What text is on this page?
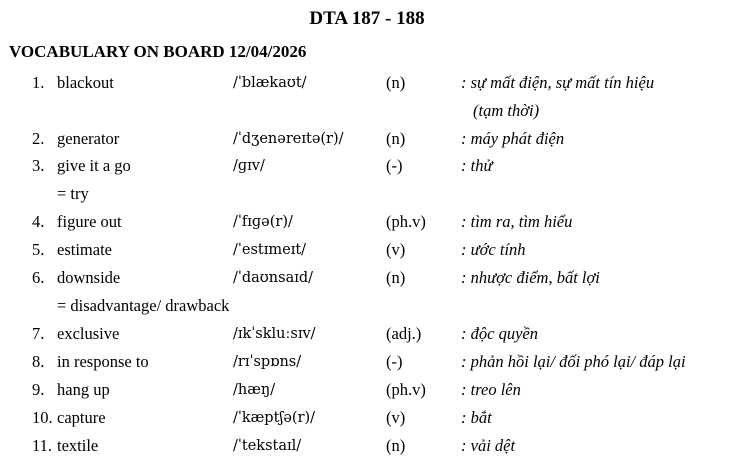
DTA 187 - 188
VOCABULARY ON BOARD 12/04/2026
1. blackout	/ˈblækaʊt/	(n)	: sự mất điện, sự mất tín hiệu
(tạm thời)
2. generator	/ˈdʒenəreɪtə(r)/	(n)	: máy phát điện
3. give it a go	/ɡɪv/	(-)	: thử
= try
4. figure out	/ˈfɪɡə(r)/	(ph.v) : tìm ra, tìm hiểu
5. estimate	/ˈestɪmeɪt/	(v)	: ước tính
6. downside	/ˈdaʊnsaɪd/	(n)	: nhược điểm, bất lợi
= disadvantage/ drawback
7. exclusive	/ɪkˈskluːsɪv/	(adj.) : độc quyền
8. in response to	/rɪˈspɒns/	(-)	: phản hồi lại/ đối phó lại/ đáp lại
9. hang up	/hæŋ/	(ph.v) : treo lên
10. capture	/ˈkæptʃə(r)/	(v)	: bắt
11. textile	/ˈtekstaɪl/	(n)	: vải dệt
